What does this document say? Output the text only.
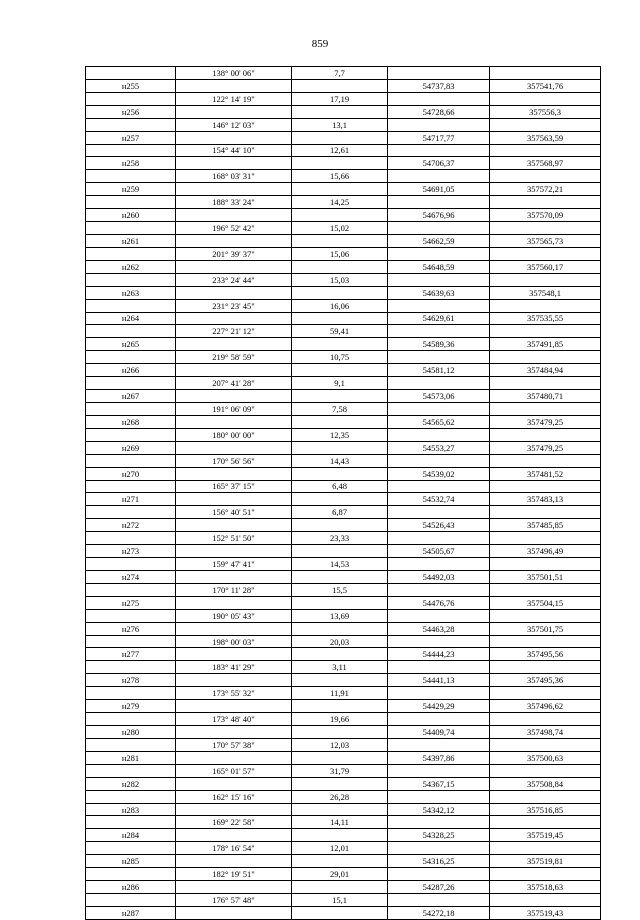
859
	138° 00' 06"	7,7		
н255			54737,83	357541,76
	122° 14' 19"	17,19		
н256			54728,66	357556,3
	146° 12' 03"	13,1		
н257			54717,77	357563,59
	154° 44' 10"	12,61		
н258			54706,37	357568,97
	168° 03' 31"	15,66		
н259			54691,05	357572,21
	188° 33' 24"	14,25		
н260			54676,96	357570,09
	196° 52' 42"	15,02		
н261			54662,59	357565,73
	201° 39' 37"	15,06		
н262			54648,59	357560,17
	233° 24' 44"	15,03		
н263			54639,63	357548,1
	231° 23' 45"	16,06		
н264			54629,61	357535,55
	227° 21' 12"	59,41		
н265			54589,36	357491,85
	219° 58' 59"	10,75		
н266			54581,12	357484,94
	207° 41' 28"	9,1		
н267			54573,06	357480,71
	191° 06' 09"	7,58		
н268			54565,62	357479,25
	180° 00' 00"	12,35		
н269			54553,27	357479,25
	170° 56' 56"	14,43		
н270			54539,02	357481,52
	165° 37' 15"	6,48		
н271			54532,74	357483,13
	156° 40' 51"	6,87		
н272			54526,43	357485,85
	152° 51' 50"	23,33		
н273			54505,67	357496,49
	159° 47' 41"	14,53		
н274			54492,03	357501,51
	170° 11' 28"	15,5		
н275			54476,76	357504,15
	190° 05' 43"	13,69		
н276			54463,28	357501,75
	198° 00' 03"	20,03		
н277			54444,23	357495,56
	183° 41' 29"	3,11		
н278			54441,13	357495,36
	173° 55' 32"	11,91		
н279			54429,29	357496,62
	173° 48' 40"	19,66		
н280			54409,74	357498,74
	170° 57' 38"	12,03		
н281			54397,86	357500,63
	165° 01' 57"	31,79		
н282			54367,15	357508,84
	162° 15' 16"	26,28		
н283			54342,12	357516,85
	169° 22' 58"	14,11		
н284			54328,25	357519,45
	178° 16' 54"	12,01		
н285			54316,25	357519,81
	182° 19' 51"	29,01		
н286			54287,26	357518,63
	176° 57' 48"	15,1		
н287			54272,18	357519,43
